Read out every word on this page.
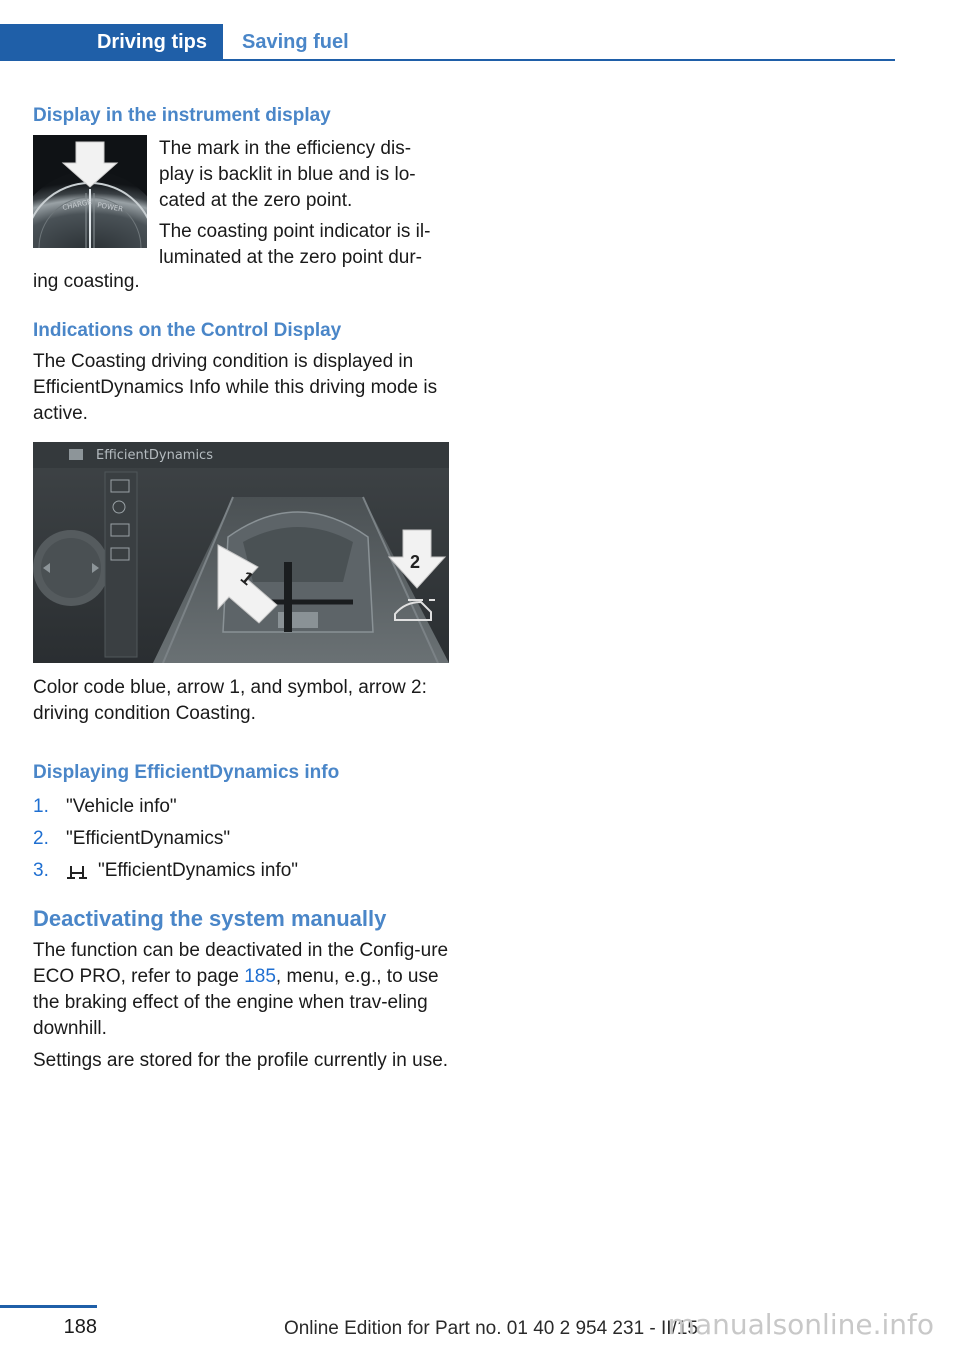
Driving tips	Saving fuel
Display in the instrument display
CHARGE POWER

The mark in the efficiency dis-

play is backlit in blue and is lo-

cated at the zero point.

The coasting point indicator is il-

luminated at the zero point dur-

ing coasting.

Indications on the Control Display

The Coasting driving condition is displayed in EfficientDynamics Info while this driving mode is active.

EfficientDynamics
1
2

Color code blue, arrow 1, and symbol, arrow 2: driving condition Coasting.

Displaying EfficientDynamics info
1. "Vehicle info"
2. "EfficientDynamics"
3.	"EfficientDynamics info"
Deactivating the system manually

The function can be deactivated in the Config-ure ECO PRO, refer to page 185, menu, e.g., to use the braking effect of the engine when trav-eling downhill.

Settings are stored for the profile currently in use.

188	Online Edition for Part no. 01 40 2 954 231 - II/15
manualsonline.info
